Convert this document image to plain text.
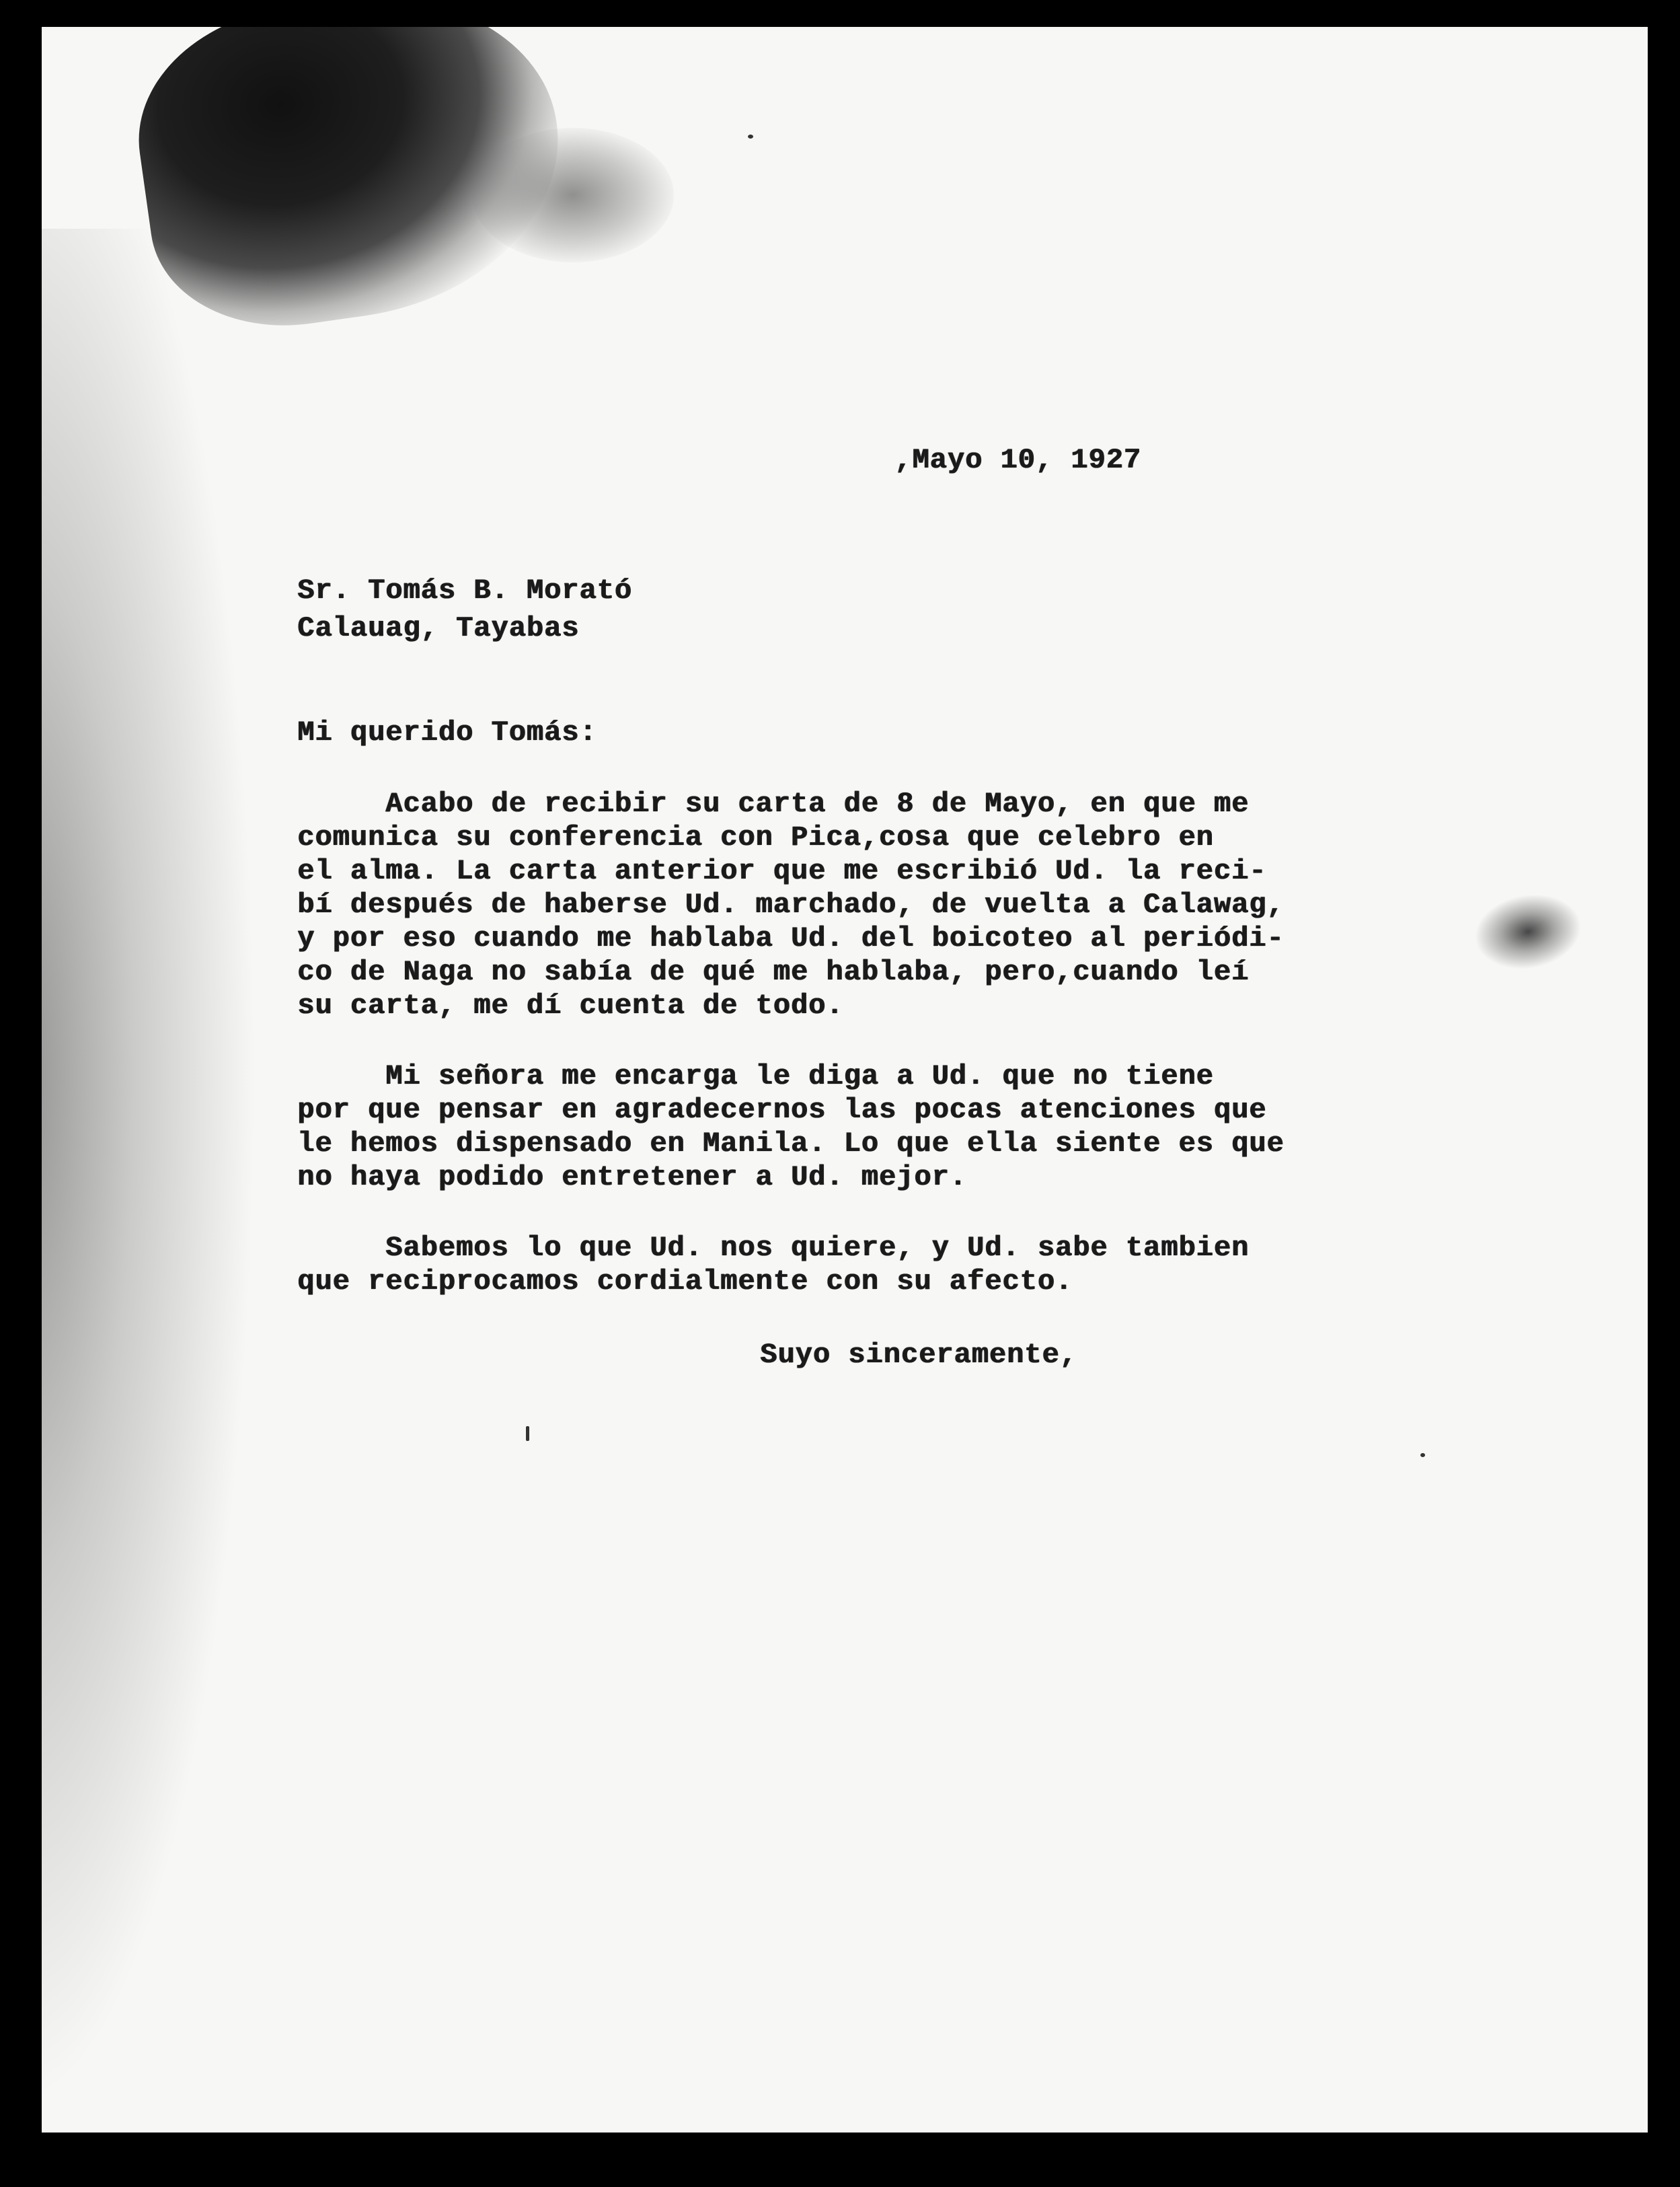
,Mayo 10, 1927
Sr. Tomás B. Morató
Calauag, Tayabas
Mi querido Tomás:
Acabo de recibir su carta de 8 de Mayo, en que me
comunica su conferencia con Pica,cosa que celebro en
el alma. La carta anterior que me escribió Ud. la reci-
bí después de haberse Ud. marchado, de vuelta a Calawag,
y por eso cuando me hablaba Ud. del boicoteo al periódi-
co de Naga no sabía de qué me hablaba, pero,cuando leí
su carta, me dí cuenta de todo.
Mi señora me encarga le diga a Ud. que no tiene
por que pensar en agradecernos las pocas atenciones que
le hemos dispensado en Manila. Lo que ella siente es que
no haya podido entretener a Ud. mejor.
Sabemos lo que Ud. nos quiere, y Ud. sabe tambien
que reciprocamos cordialmente con su afecto.
Suyo sinceramente,
